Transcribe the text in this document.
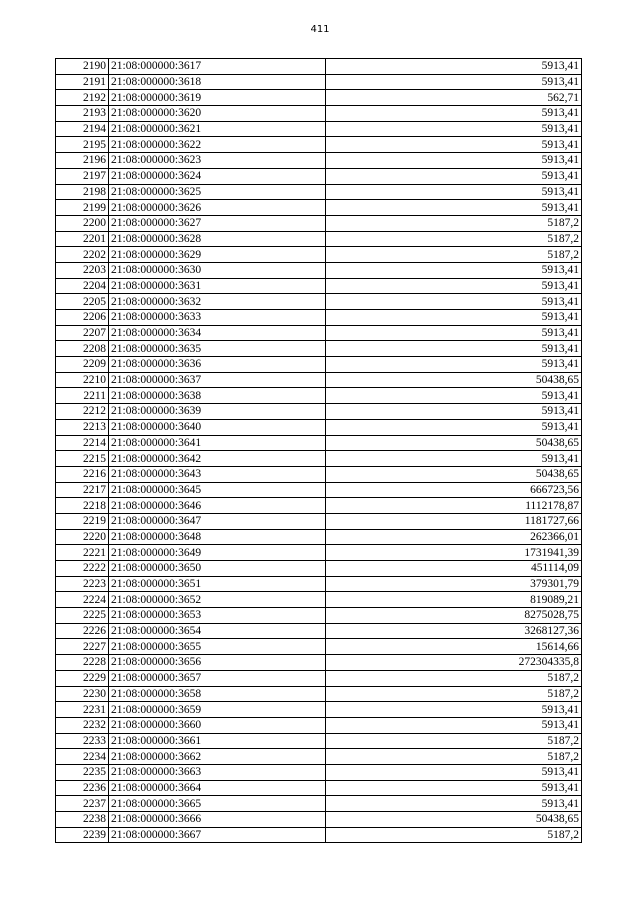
411
2190	21:08:000000:3617	5913,41
2191	21:08:000000:3618	5913,41
2192	21:08:000000:3619	562,71
2193	21:08:000000:3620	5913,41
2194	21:08:000000:3621	5913,41
2195	21:08:000000:3622	5913,41
2196	21:08:000000:3623	5913,41
2197	21:08:000000:3624	5913,41
2198	21:08:000000:3625	5913,41
2199	21:08:000000:3626	5913,41
2200	21:08:000000:3627	5187,2
2201	21:08:000000:3628	5187,2
2202	21:08:000000:3629	5187,2
2203	21:08:000000:3630	5913,41
2204	21:08:000000:3631	5913,41
2205	21:08:000000:3632	5913,41
2206	21:08:000000:3633	5913,41
2207	21:08:000000:3634	5913,41
2208	21:08:000000:3635	5913,41
2209	21:08:000000:3636	5913,41
2210	21:08:000000:3637	50438,65
2211	21:08:000000:3638	5913,41
2212	21:08:000000:3639	5913,41
2213	21:08:000000:3640	5913,41
2214	21:08:000000:3641	50438,65
2215	21:08:000000:3642	5913,41
2216	21:08:000000:3643	50438,65
2217	21:08:000000:3645	666723,56
2218	21:08:000000:3646	1112178,87
2219	21:08:000000:3647	1181727,66
2220	21:08:000000:3648	262366,01
2221	21:08:000000:3649	1731941,39
2222	21:08:000000:3650	451114,09
2223	21:08:000000:3651	379301,79
2224	21:08:000000:3652	819089,21
2225	21:08:000000:3653	8275028,75
2226	21:08:000000:3654	3268127,36
2227	21:08:000000:3655	15614,66
2228	21:08:000000:3656	272304335,8
2229	21:08:000000:3657	5187,2
2230	21:08:000000:3658	5187,2
2231	21:08:000000:3659	5913,41
2232	21:08:000000:3660	5913,41
2233	21:08:000000:3661	5187,2
2234	21:08:000000:3662	5187,2
2235	21:08:000000:3663	5913,41
2236	21:08:000000:3664	5913,41
2237	21:08:000000:3665	5913,41
2238	21:08:000000:3666	50438,65
2239	21:08:000000:3667	5187,2
